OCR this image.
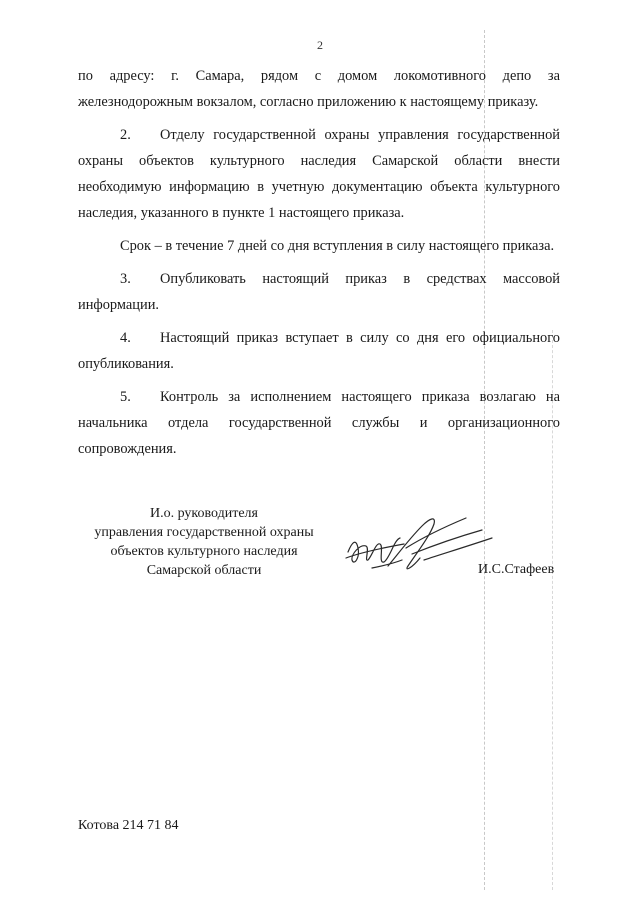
2

по адресу: г. Самара, рядом с домом локомотивного депо за железнодорожным вокзалом, согласно приложению к настоящему приказу.

2. Отделу государственной охраны управления государственной охраны объектов культурного наследия Самарской области внести необходимую информацию в учетную документацию объекта культурного наследия, указанного в пункте 1 настоящего приказа.

Срок – в течение 7 дней со дня вступления в силу настоящего приказа.

3. Опубликовать настоящий приказ в средствах массовой информации.

4. Настоящий приказ вступает в силу со дня его официального опубликования.

5. Контроль за исполнением настоящего приказа возлагаю на начальника отдела государственной службы и организационного сопровождения.

И.о. руководителя
управления государственной охраны
объектов культурного наследия
Самарской области	И.С.Стафеев
Котова 214 71 84
